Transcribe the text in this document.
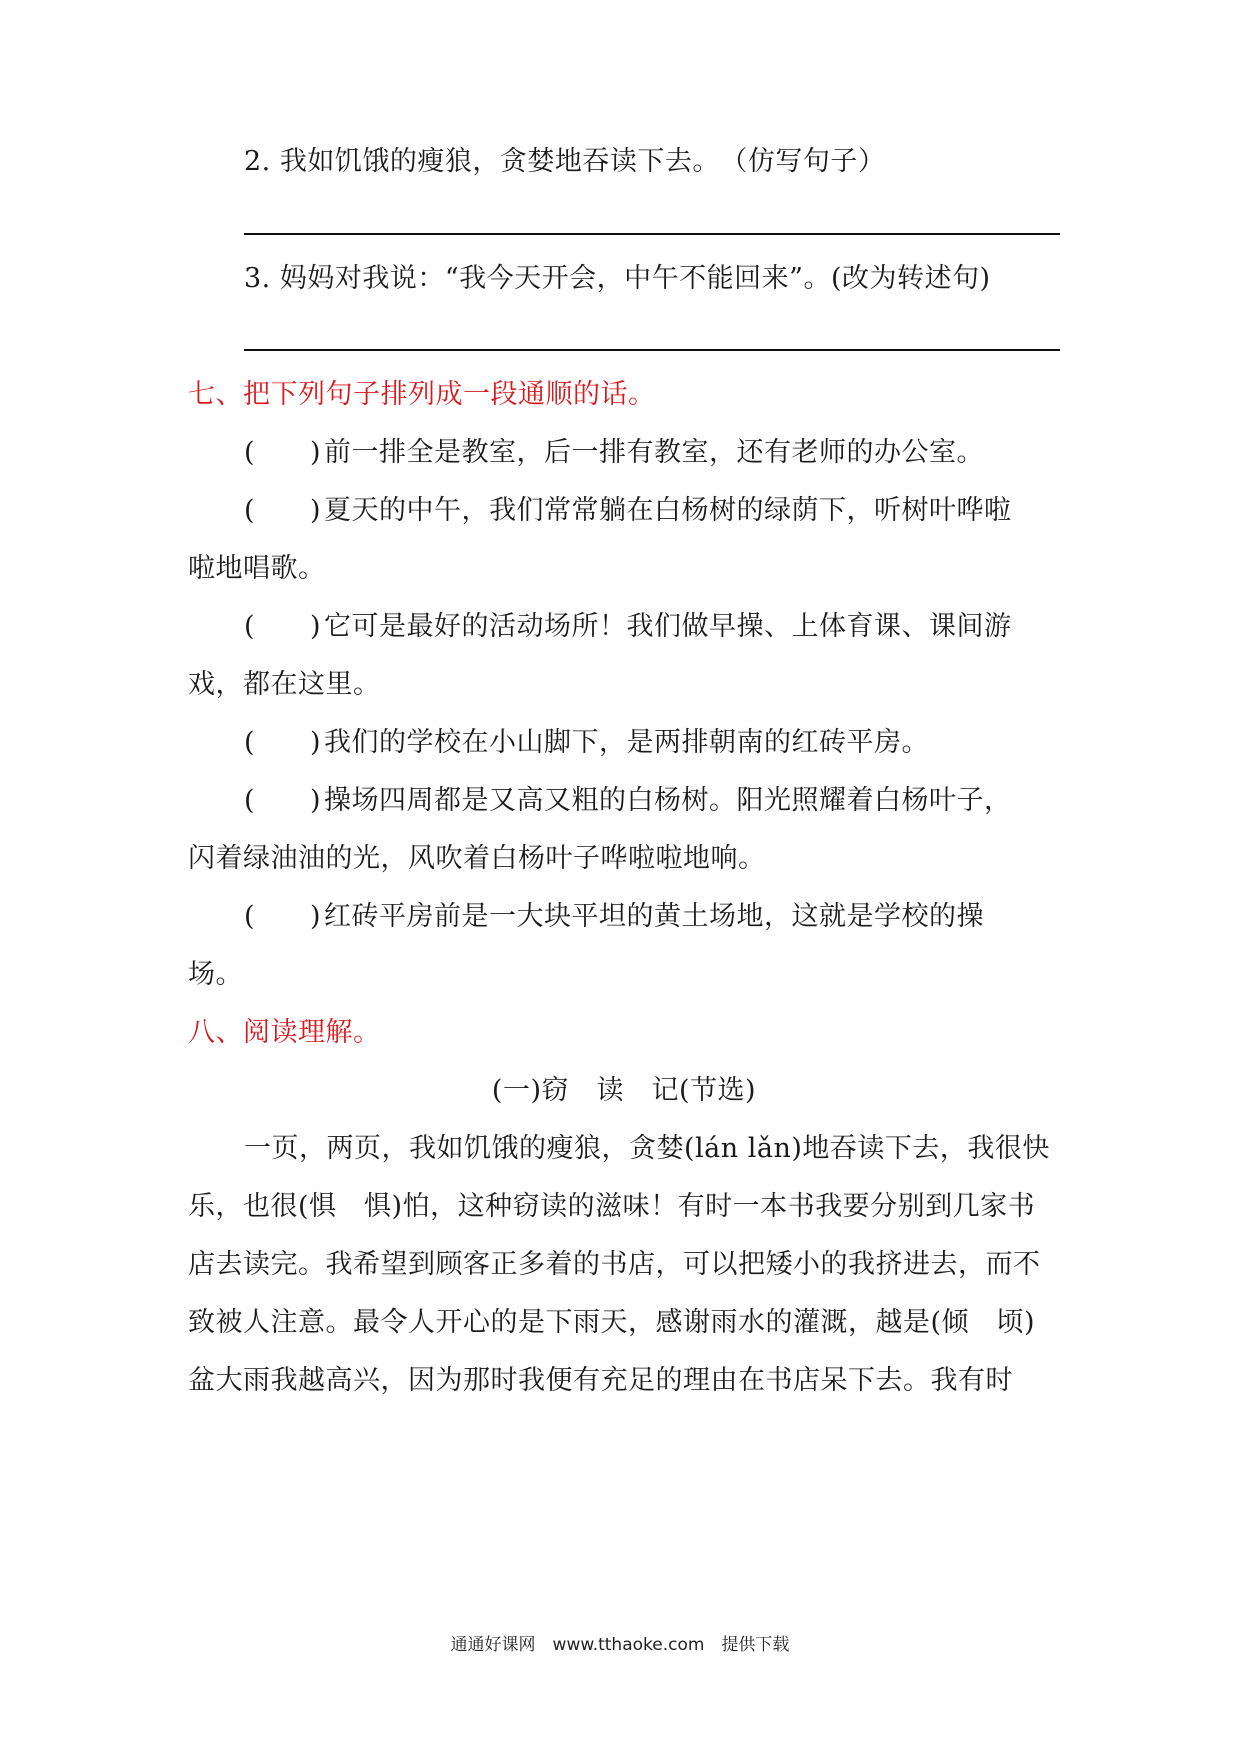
2. 我如饥饿的瘦狼，贪婪地吞读下去。　（仿写句子）
3. 妈妈对我说：“我今天开会，中午不能回来”。(改为转述句)
七、把下列句子排列成一段通顺的话。
(　　) 前一排全是教室，后一排有教室，还有老师的办公室。
(　　) 夏天的中午，我们常常躺在白杨树的绿荫下，听树叶哗啦
啦地唱歌。
(　　) 它可是最好的活动场所！我们做早操、上体育课、课间游
戏，都在这里。
(　　) 我们的学校在小山脚下，是两排朝南的红砖平房。
(　　) 操场四周都是又高又粗的白杨树。阳光照耀着白杨叶子，
闪着绿油油的光，风吹着白杨叶子哗啦啦地响。
(　　) 红砖平房前是一大块平坦的黄土场地，这就是学校的操
场。
八、阅读理解。
(一)窃　读　记(节选)
一页，两页，我如饥饿的瘦狼，贪婪(lán lǎn)地吞读下去，我很快
乐，也很(惧　惧)怕，这种窃读的滋味！有时一本书我要分别到几家书
店去读完。我希望到顾客正多着的书店，可以把矮小的我挤进去，而不
致被人注意。最令人开心的是下雨天，感谢雨水的灌溉，越是(倾　顷)
盆大雨我越高兴，因为那时我便有充足的理由在书店呆下去。我有时
通通好课网　www.tthaoke.com　提供下载
